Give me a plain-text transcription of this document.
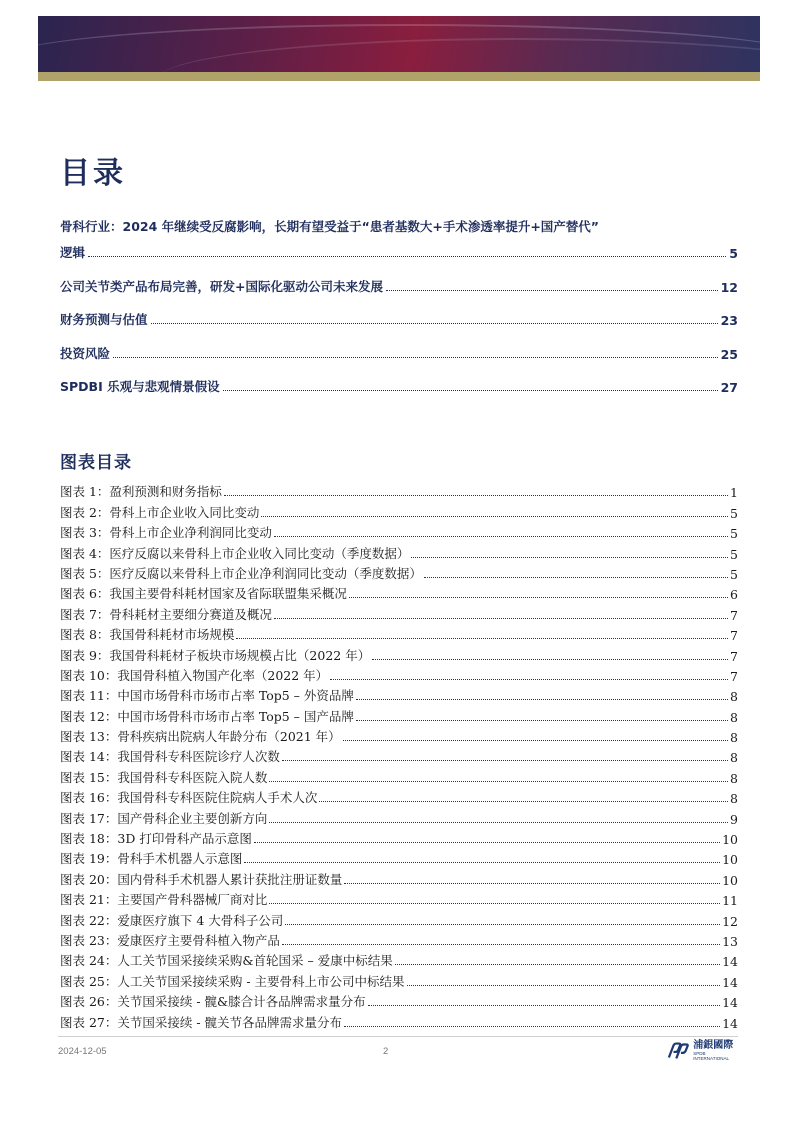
目录
骨科行业：2024 年继续受反腐影响，长期有望受益于“患者基数大+手术渗透率提升+国产替代”
逻辑	5
公司关节类产品布局完善，研发+国际化驱动公司未来发展	12
财务预测与估值	23
投资风险	25
SPDBI 乐观与悲观情景假设	27
图表目录
图表 1：盈利预测和财务指标	1
图表 2：骨科上市企业收入同比变动	5
图表 3：骨科上市企业净利润同比变动	5
图表 4：医疗反腐以来骨科上市企业收入同比变动（季度数据）	5
图表 5：医疗反腐以来骨科上市企业净利润同比变动（季度数据）	5
图表 6：我国主要骨科耗材国家及省际联盟集采概况	6
图表 7：骨科耗材主要细分赛道及概况	7
图表 8：我国骨科耗材市场规模	7
图表 9：我国骨科耗材子板块市场规模占比（2022 年）	7
图表 10：我国骨科植入物国产化率（2022 年）	7
图表 11：中国市场骨科市场市占率 Top5 – 外资品牌	8
图表 12：中国市场骨科市场市占率 Top5 – 国产品牌	8
图表 13：骨科疾病出院病人年龄分布（2021 年）	8
图表 14：我国骨科专科医院诊疗人次数	8
图表 15：我国骨科专科医院入院人数	8
图表 16：我国骨科专科医院住院病人手术人次	8
图表 17：国产骨科企业主要创新方向	9
图表 18：3D 打印骨科产品示意图	10
图表 19：骨科手术机器人示意图	10
图表 20：国内骨科手术机器人累计获批注册证数量	10
图表 21：主要国产骨科器械厂商对比	11
图表 22：爱康医疗旗下 4 大骨科子公司	12
图表 23：爱康医疗主要骨科植入物产品	13
图表 24：人工关节国采接续采购&首轮国采 – 爱康中标结果	14
图表 25：人工关节国采接续采购 - 主要骨科上市公司中标结果	14
图表 26：关节国采接续 - 髋&膝合计各品牌需求量分布	14
图表 27：关节国采接续 - 髋关节各品牌需求量分布	14
2024-12-05	2
浦銀國際
SPDB INTERNATIONAL
